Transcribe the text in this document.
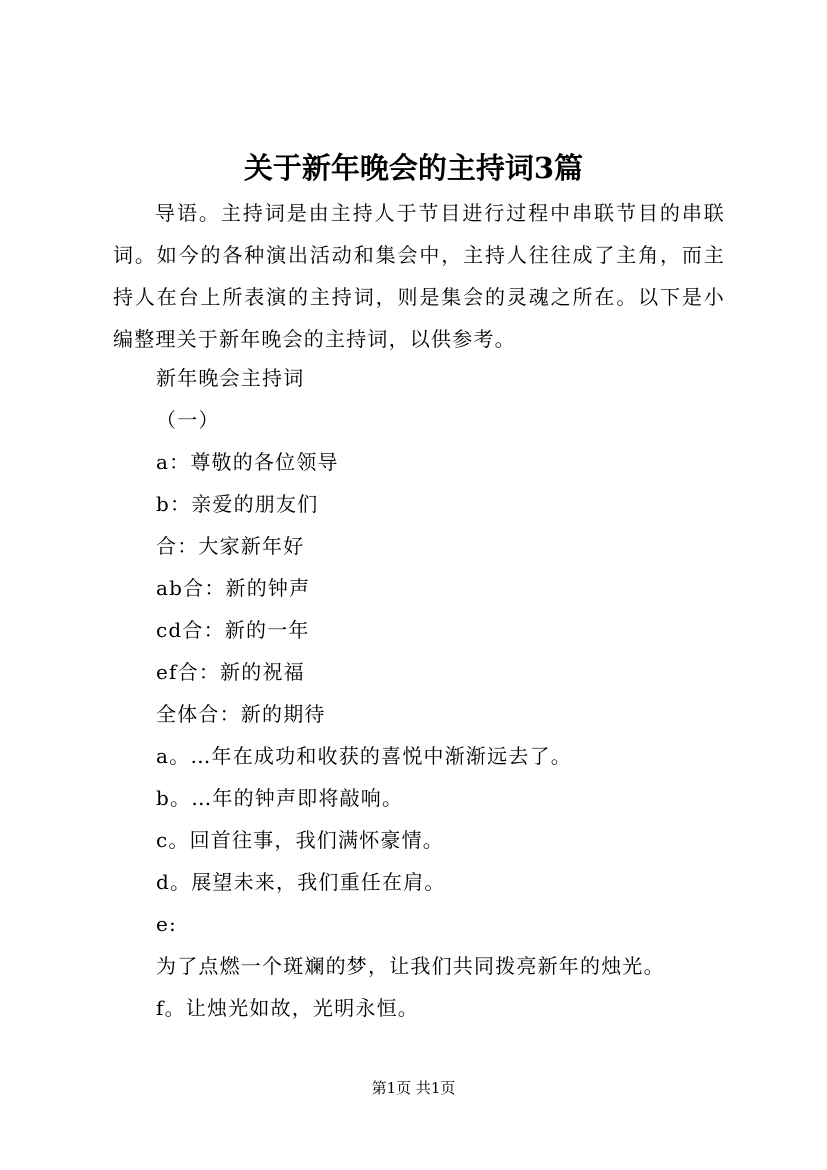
关于新年晚会的主持词3篇

导语。主持词是由主持人于节目进行过程中串联节目的串联词。如今的各种演出活动和集会中，主持人往往成了主角，而主持人在台上所表演的主持词，则是集会的灵魂之所在。以下是小编整理关于新年晚会的主持词，以供参考。

新年晚会主持词
（一）
a：尊敬的各位领导
b：亲爱的朋友们
合：大家新年好
ab合：新的钟声
cd合：新的一年
ef合：新的祝福
全体合：新的期待
a。…年在成功和收获的喜悦中渐渐远去了。
b。…年的钟声即将敲响。
c。回首往事，我们满怀豪情。
d。展望未来，我们重任在肩。
e:
为了点燃一个斑斓的梦，让我们共同拨亮新年的烛光。
f。让烛光如故，光明永恒。
第1页 共1页
